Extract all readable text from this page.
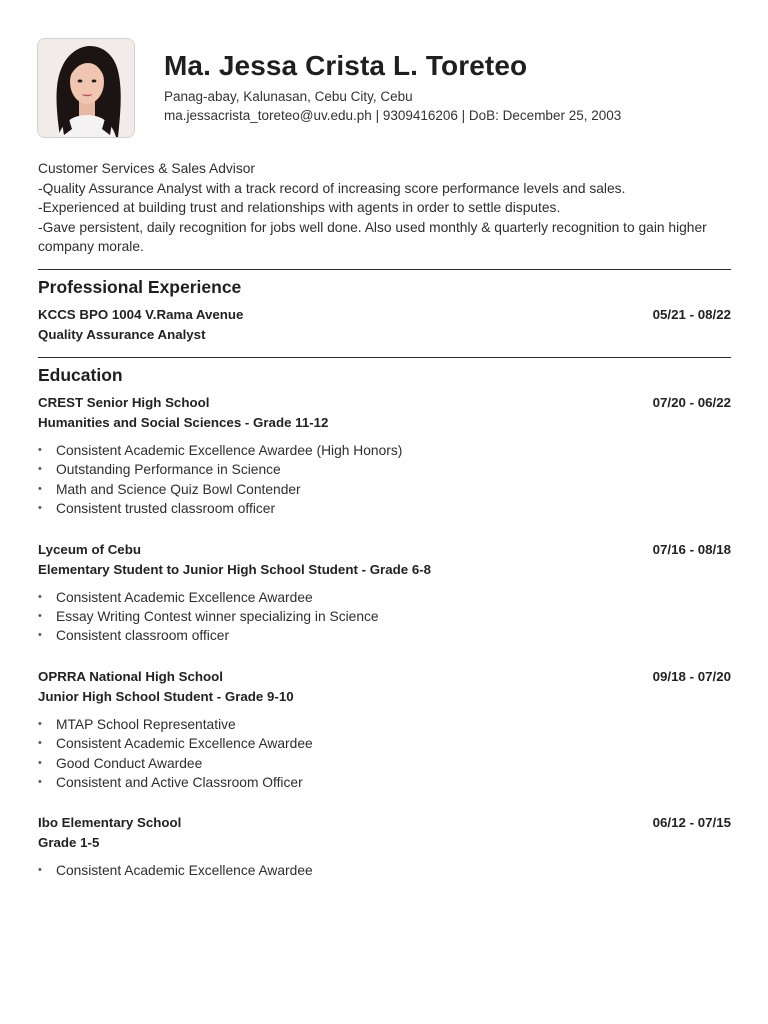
Ma. Jessa Crista L. Toreteo
Panag-abay, Kalunasan, Cebu City, Cebu
ma.jessacrista_toreteo@uv.edu.ph | 9309416206 | DoB: December 25, 2003
Customer Services & Sales Advisor
-Quality Assurance Analyst with a track record of increasing score performance levels and sales.
-Experienced at building trust and relationships with agents in order to settle disputes.
-Gave persistent, daily recognition for jobs well done. Also used monthly & quarterly recognition to gain higher
company morale.
Professional Experience
KCCS BPO 1004 V.Rama Avenue
Quality Assurance Analyst
05/21 - 08/22
Education
CREST Senior High School
Humanities and Social Sciences - Grade 11-12
07/20 - 06/22
• Consistent Academic Excellence Awardee (High Honors)
• Outstanding Performance in Science
• Math and Science Quiz Bowl Contender
• Consistent trusted classroom officer
Lyceum of Cebu
Elementary Student to Junior High School Student - Grade 6-8
07/16 - 08/18
• Consistent Academic Excellence Awardee
• Essay Writing Contest winner specializing in Science
• Consistent classroom officer
OPRRA National High School
Junior High School Student - Grade 9-10
09/18 - 07/20
• MTAP School Representative
• Consistent Academic Excellence Awardee
• Good Conduct Awardee
• Consistent and Active Classroom Officer
Ibo Elementary School
Grade 1-5
06/12 - 07/15
• Consistent Academic Excellence Awardee
